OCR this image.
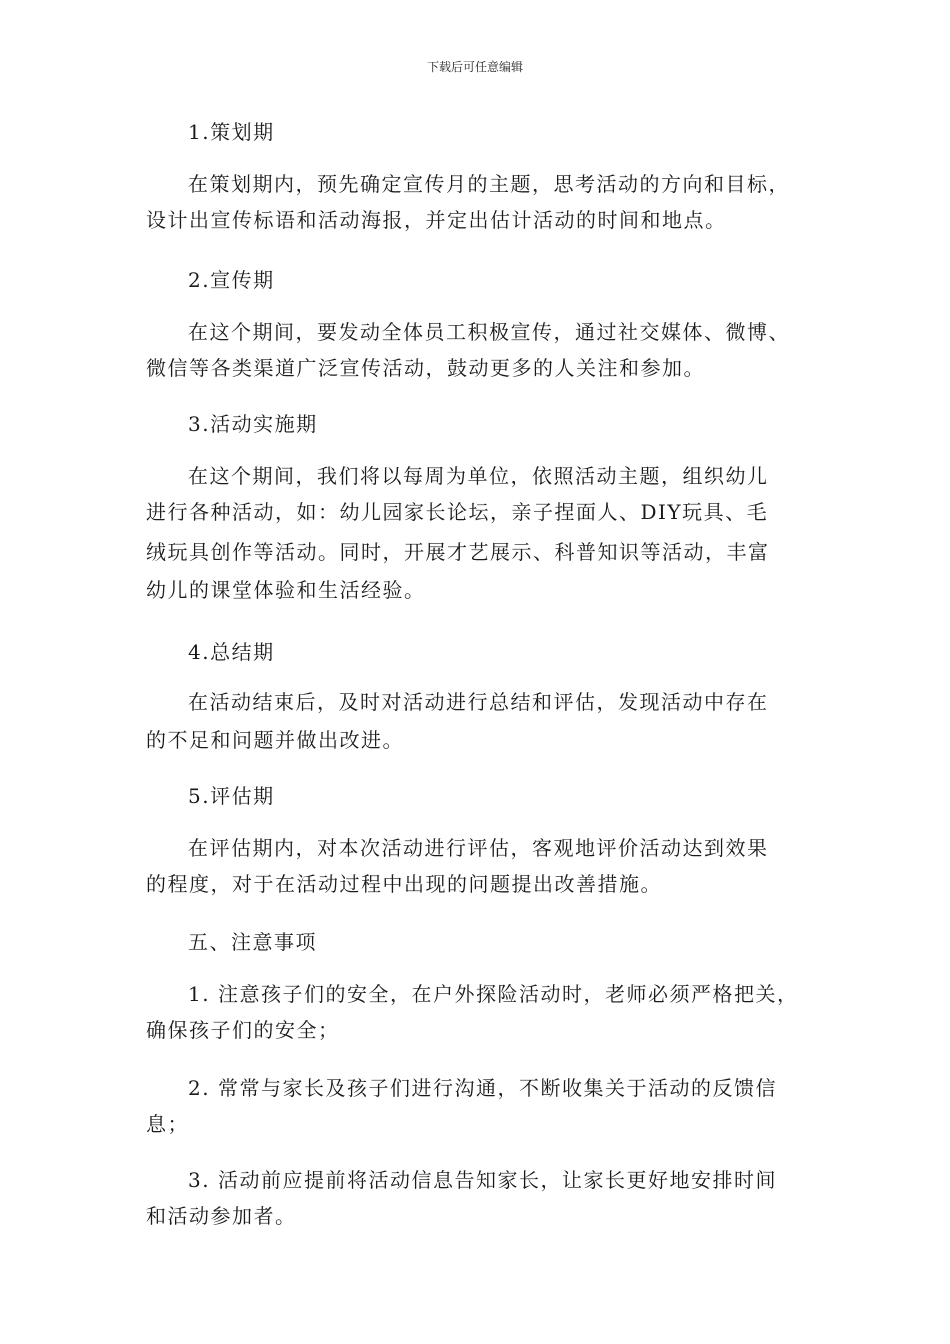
下载后可任意编辑
1.策划期
在策划期内，预先确定宣传月的主题，思考活动的方向和目标，
设计出宣传标语和活动海报，并定出估计活动的时间和地点。
2.宣传期
在这个期间，要发动全体员工积极宣传，通过社交媒体、微博、
微信等各类渠道广泛宣传活动，鼓动更多的人关注和参加。
3.活动实施期
在这个期间，我们将以每周为单位，依照活动主题，组织幼儿
进行各种活动，如：幼儿园家长论坛，亲子捏面人、DIY玩具、毛
绒玩具创作等活动。同时，开展才艺展示、科普知识等活动，丰富
幼儿的课堂体验和生活经验。
4.总结期
在活动结束后，及时对活动进行总结和评估，发现活动中存在
的不足和问题并做出改进。
5.评估期
在评估期内，对本次活动进行评估，客观地评价活动达到效果
的程度，对于在活动过程中出现的问题提出改善措施。
五、注意事项
1. 注意孩子们的安全，在户外探险活动时，老师必须严格把关，
确保孩子们的安全；
2. 常常与家长及孩子们进行沟通，不断收集关于活动的反馈信
息；
3. 活动前应提前将活动信息告知家长，让家长更好地安排时间
和活动参加者。
